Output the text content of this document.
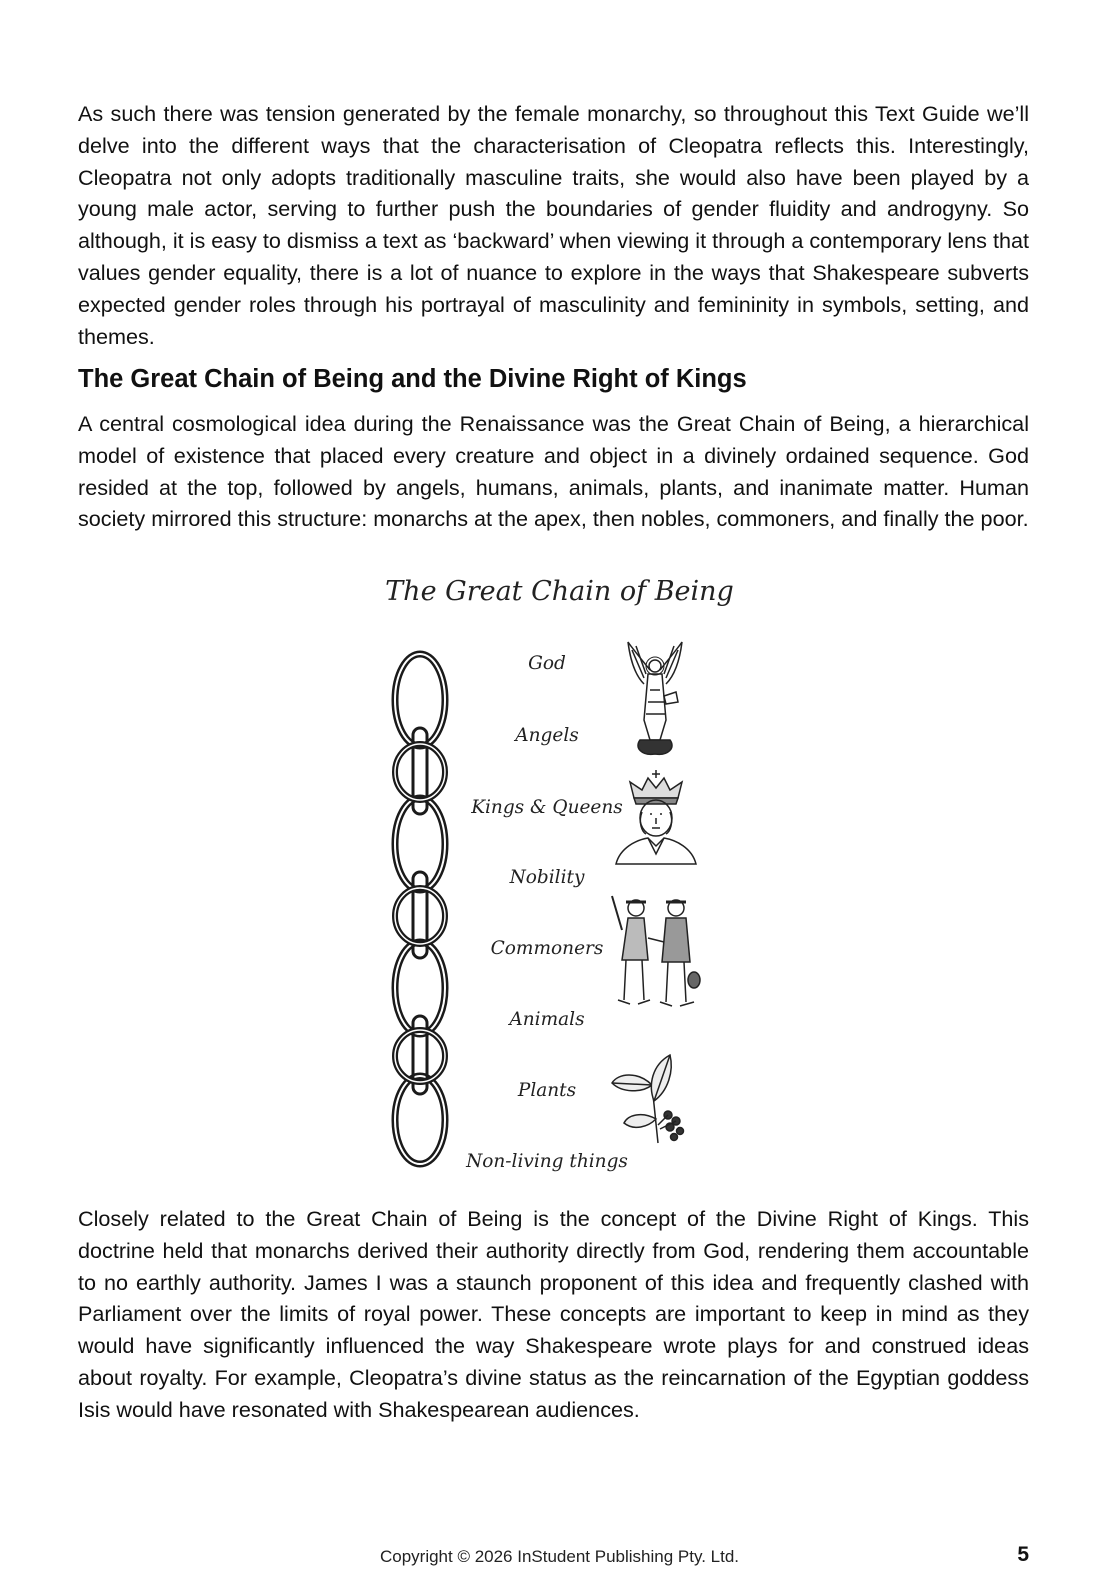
As such there was tension generated by the female monarchy, so throughout this Text Guide we’ll delve into the different ways that the characterisation of Cleopatra reflects this. Interestingly, Cleopatra not only adopts traditionally masculine traits, she would also have been played by a young male actor, serving to further push the boundaries of gender fluidity and androgyny. So although, it is easy to dismiss a text as ‘backward’ when viewing it through a contemporary lens that values gender equality, there is a lot of nuance to explore in the ways that Shakespeare subverts expected gender roles through his portrayal of masculinity and femininity in symbols, setting, and themes.

The Great Chain of Being and the Divine Right of Kings

A central cosmological idea during the Renaissance was the Great Chain of Being, a hierarchical model of existence that placed every creature and object in a divinely ordained sequence. God resided at the top, followed by angels, humans, animals, plants, and inanimate matter. Human society mirrored this structure: monarchs at the apex, then nobles, commoners, and finally the poor.

The Great Chain of Being
God
Angels
Kings & Queens
Nobility
Commoners
Animals
Plants
Non-living things

Closely related to the Great Chain of Being is the concept of the Divine Right of Kings. This doctrine held that monarchs derived their authority directly from God, rendering them accountable to no earthly authority. James I was a staunch proponent of this idea and frequently clashed with Parliament over the limits of royal power. These concepts are important to keep in mind as they would have significantly influenced the way Shakespeare wrote plays for and construed ideas about royalty. For example, Cleopatra’s divine status as the reincarnation of the Egyptian goddess Isis would have resonated with Shakespearean audiences.

Copyright © 2026 InStudent Publishing Pty. Ltd.	5
